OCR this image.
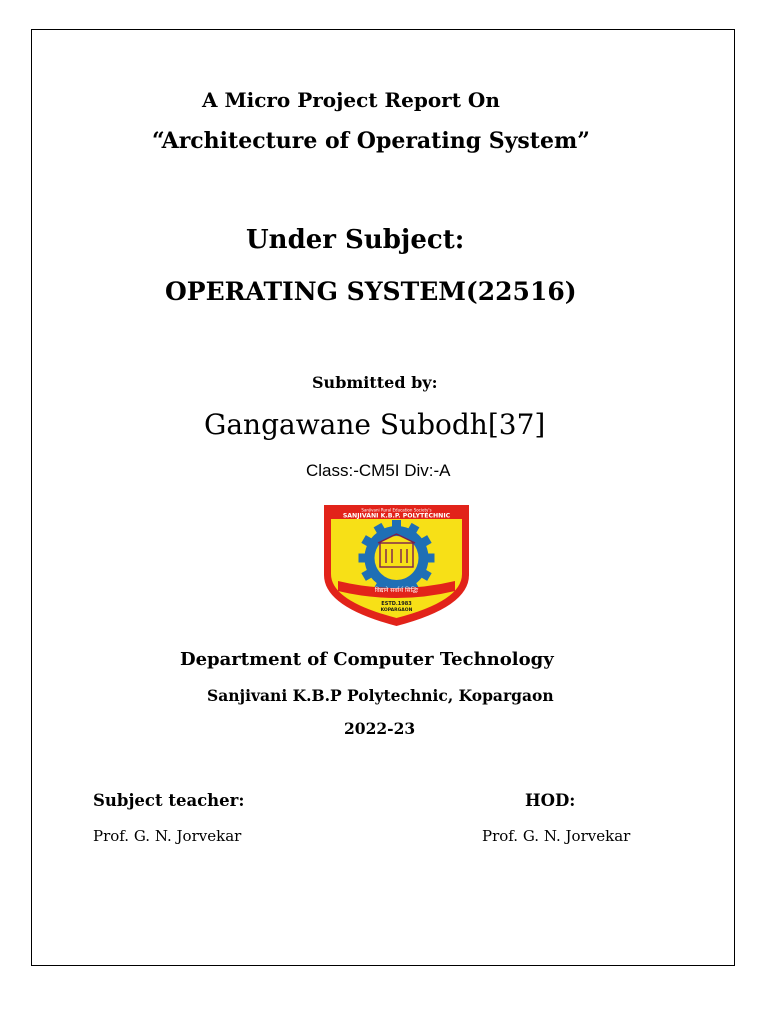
A Micro Project Report On
“Architecture of Operating System”
Under Subject:
OPERATING SYSTEM(22516)
Submitted by:
Gangawane Subodh[37]
Class:-CM5I Div:-A
Sanjivani Rural Education Society's
SANJIVANI K.B.P. POLYTECHNIC
विद्याने सर्वार्थ सिद्धिः
ESTD.1983
KOPARGAON
Department of Computer Technology
Sanjivani K.B.P Polytechnic, Kopargaon
2022-23
Subject teacher:	HOD:
Prof. G. N. Jorvekar	Prof. G. N. Jorvekar
